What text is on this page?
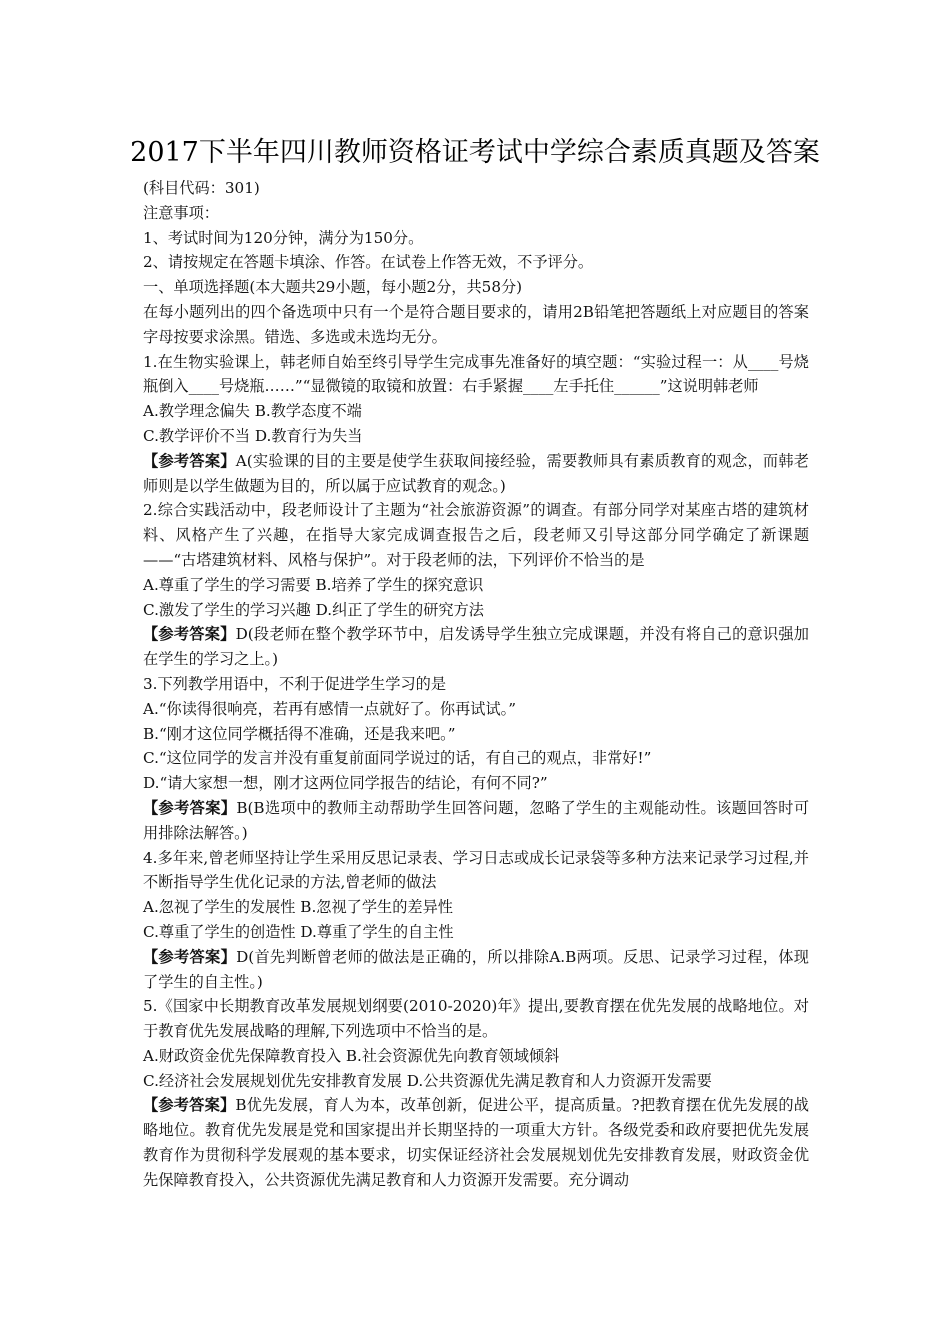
2017下半年四川教师资格证考试中学综合素质真题及答案

(科目代码：301)

注意事项：

1、考试时间为120分钟，满分为150分。

2、请按规定在答题卡填涂、作答。在试卷上作答无效，不予评分。

一、单项选择题(本大题共29小题，每小题2分，共58分)

在每小题列出的四个备选项中只有一个是符合题目要求的，请用2B铅笔把答题纸上对应题目的答案字母按要求涂黑。错选、多选或未选均无分。

1.在生物实验课上，韩老师自始至终引导学生完成事先准备好的填空题：“实验过程一：从____号烧瓶倒入____号烧瓶……”“显微镜的取镜和放置：右手紧握____左手托住______”这说明韩老师

A.教学理念偏失 B.教学态度不端

C.教学评价不当 D.教育行为失当

【参考答案】A(实验课的目的主要是使学生获取间接经验，需要教师具有素质教育的观念，而韩老师则是以学生做题为目的，所以属于应试教育的观念。)

2.综合实践活动中，段老师设计了主题为“社会旅游资源”的调查。有部分同学对某座古塔的建筑材料、风格产生了兴趣，在指导大家完成调查报告之后，段老师又引导这部分同学确定了新课题——“古塔建筑材料、风格与保护”。对于段老师的法，下列评价不恰当的是

A.尊重了学生的学习需要 B.培养了学生的探究意识

C.激发了学生的学习兴趣 D.纠正了学生的研究方法

【参考答案】D(段老师在整个教学环节中，启发诱导学生独立完成课题，并没有将自己的意识强加在学生的学习之上。)

3.下列教学用语中，不利于促进学生学习的是

A.“你读得很响亮，若再有感情一点就好了。你再试试。”

B.“刚才这位同学概括得不准确，还是我来吧。”

C.“这位同学的发言并没有重复前面同学说过的话，有自己的观点，非常好!”

D.“请大家想一想，刚才这两位同学报告的结论，有何不同?”

【参考答案】B(B选项中的教师主动帮助学生回答问题，忽略了学生的主观能动性。该题回答时可用排除法解答。)

4.多年来,曾老师坚持让学生采用反思记录表、学习日志或成长记录袋等多种方法来记录学习过程,并不断指导学生优化记录的方法,曾老师的做法

A.忽视了学生的发展性 B.忽视了学生的差异性

C.尊重了学生的创造性 D.尊重了学生的自主性

【参考答案】D(首先判断曾老师的做法是正确的，所以排除A.B两项。反思、记录学习过程，体现了学生的自主性。)

5.《国家中长期教育改革发展规划纲要(2010-2020)年》提出,要教育摆在优先发展的战略地位。对于教育优先发展战略的理解,下列选项中不恰当的是。

A.财政资金优先保障教育投入 B.社会资源优先向教育领域倾斜

C.经济社会发展规划优先安排教育发展 D.公共资源优先满足教育和人力资源开发需要

【参考答案】B优先发展，育人为本，改革创新，促进公平，提高质量。?把教育摆在优先发展的战略地位。教育优先发展是党和国家提出并长期坚持的一项重大方针。各级党委和政府要把优先发展教育作为贯彻科学发展观的基本要求，切实保证经济社会发展规划优先安排教育发展，财政资金优先保障教育投入，公共资源优先满足教育和人力资源开发需要。充分调动
